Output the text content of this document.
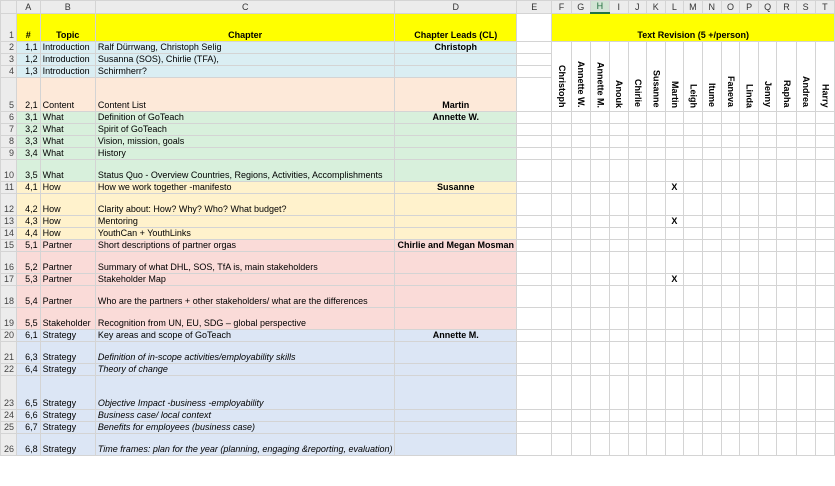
	A	B	C	D	E	F	G	H	I	J	K	L	M	N	O	P	Q	R	S	T
1	#	Topic	Chapter	Chapter Leads (CL)		Text Revision (5 +/person)														
2	1,1	Introduction	Ralf Dürrwang, Christoph Selig	Christoph		Christoph	Annette W.	Annette M.	Anouk	Chirlie	Susanne	Martin	Leigh	Itume	Faneva	Linda	Jenny	Rapha	Andrea	Harry
3	1,2	Introduction	Susanna (SOS), Chirlie (TFA),																	
4	1,3	Introduction	Schirmherr?																	
5	2,1	Content	Content List	Martin																
6	3,1	What	Definition of GoTeach	Annette W.																
7	3,2	What	Spirit of GoTeach																	
8	3,3	What	Vision, mission, goals																	
9	3,4	What	History																	
10	3,5	What	Status Quo - Overview Countries, Regions, Activities, Accomplishments																	
11	4,1	How	How we work together -manifesto	Susanne								X								
12	4,2	How	Clarity about: How? Why? Who? What budget?																	
13	4,3	How	Mentoring									X								
14	4,4	How	YouthCan + YouthLinks																	
15	5,1	Partner	Short descriptions of partner orgas	Chirlie and Megan Mosman																
16	5,2	Partner	Summary of what DHL, SOS, TfA is, main stakeholders																	
17	5,3	Partner	Stakeholder Map									X								
18	5,4	Partner	Who are the partners + other stakeholders/ what are the differences																	
19	5,5	Stakeholder	Recognition from UN, EU, SDG – global perspective																	
20	6,1	Strategy	Key areas and scope of GoTeach	Annette M.																
21	6,3	Strategy	Definition of in-scope activities/employability skills																	
22	6,4	Strategy	Theory of change																	
23	6,5	Strategy	Objective Impact -business -employability																	
24	6,6	Strategy	Business case/ local context																	
25	6,7	Strategy	Benefits for employees (business case)																	
26	6,8	Strategy	Time frames: plan for the year (planning, engaging &reporting, evaluation)																	
